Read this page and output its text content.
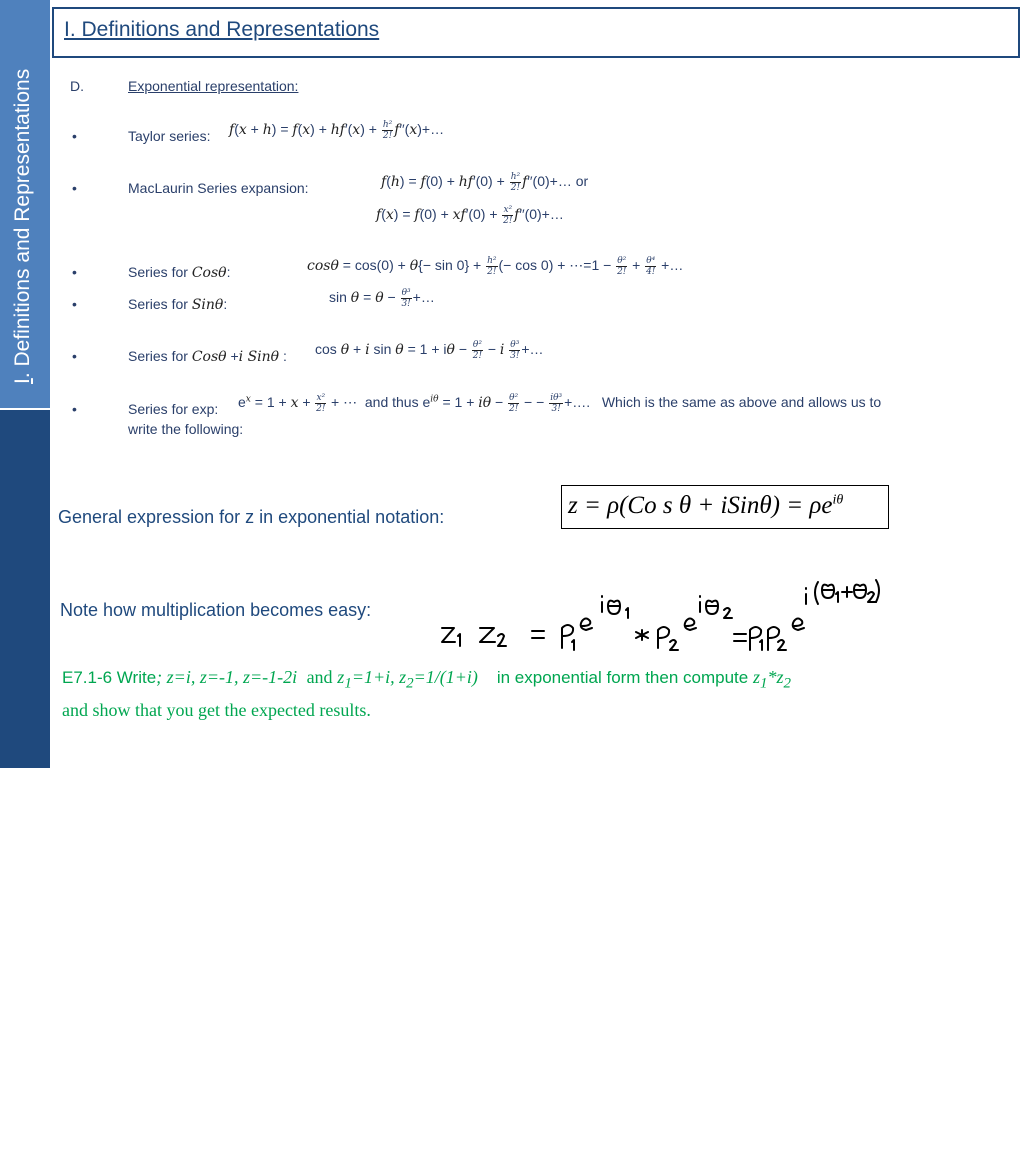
I. Definitions and Representations
PHY 301: MATH AND NUM TECH
I. Definitions and Representations
D.	Exponential representation:
•	Taylor series: $f(x + h) = f(x) + hf'(x) + \frac{\text{h²}}{2!}$ f′′(x)+…
•	MacLaurin Series expansion:	$f(h) = f(0) + hf'(0) + \frac{\text{h²}}{2!}$ f′′(0)+… or
$f(x) = f(0) + xf'(0) + \frac{\text{x²}}{2!}$ f′′(0)+…
•	Series for Cosθ:	$\cos\theta = \cos(0) + \theta\{- \sin 0\} + \frac{\text{h²}}{2!}$ (− cos 0) + ⋯=1 − $\frac{\text{θ²}}{2!} + \frac{\text{θ⁴}}{4!}$ +…
•	Series for Sinθ:	$\sin \theta = \theta - \frac{\text{θ³}}{3!}$ +…
•	Series for Cosθ +i Sinθ : cos θ + i $\sin \theta = 1 + i\theta - \frac{\text{θ²}}{2!} - i \frac{\text{θ³}}{3!}$ +…
•	Series for exp: $e^x = 1 + x + \frac{\text{x²}}{2!}$ + ⋯  and thus $e^{i\theta} = 1 + i\theta - \frac{\text{θ²}}{2!}$ − − $\frac{\text{iθ³}}{3!}$ +….   Which is the same as above and allows us to
write the following:
General expression for z in exponential notation:	z = ρ(Co s θ + iSinθ) = $\rho e^{i\theta}$
Note how multiplication becomes easy:
E7.1-6 Write; z=i, z=-1, z=-1-2i and $z_1=1+i$, $z_2=1/(1+i)$ in exponential form then compute $z_1*z_2$
and show that you get the expected results.
